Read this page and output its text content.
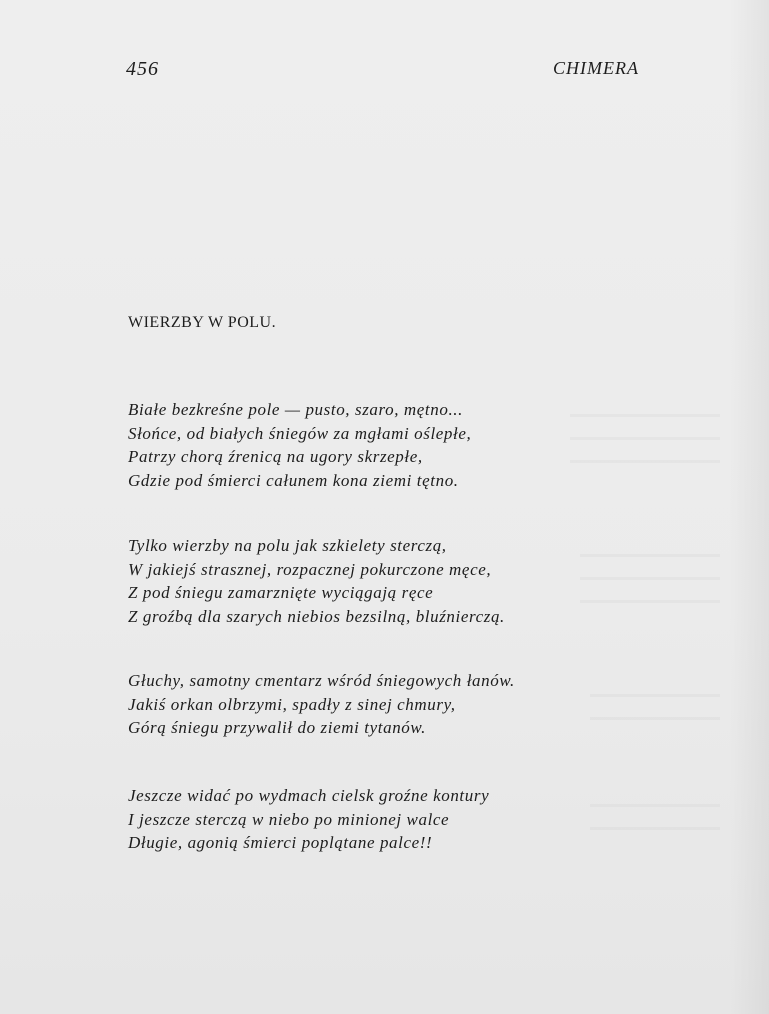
456	CHIMERA
WIERZBY W POLU.
Białe bezkreśne pole — pusto, szaro, mętno...
Słońce, od białych śniegów za mgłami oślepłe,
Patrzy chorą źrenicą na ugory skrzepłe,
Gdzie pod śmierci całunem kona ziemi tętno.
Tylko wierzby na polu jak szkielety sterczą,
W jakiejś strasznej, rozpacznej pokurczone męce,
Z pod śniegu zamarznięte wyciągają ręce
Z groźbą dla szarych niebios bezsilną, bluźnierczą.
Głuchy, samotny cmentarz wśród śniegowych łanów.
Jakiś orkan olbrzymi, spadły z sinej chmury,
Górą śniegu przywalił do ziemi tytanów.
Jeszcze widać po wydmach cielsk groźne kontury
I jeszcze sterczą w niebo po minionej walce
Długie, agonią śmierci poplątane palce!!
